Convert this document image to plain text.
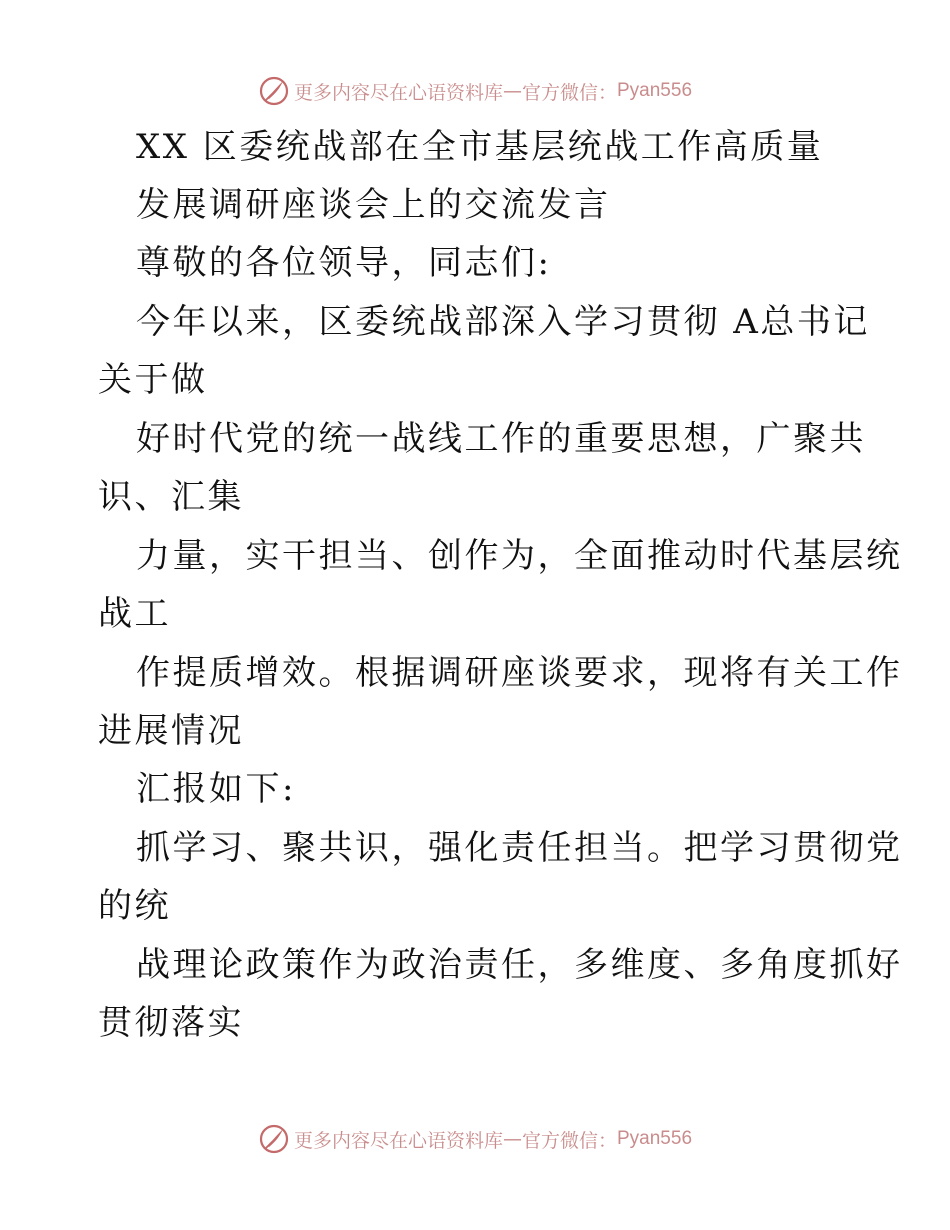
更多内容尽在心语资料库 — 官方微信： Pyan556
XX 区委统战部在全市基层统战工作高质量
发展调研座谈会上的交流发言
尊敬的各位领导，同志们:
今年以来，区委统战部深入学习贯彻 A总书记
关于做
好时代党的统一战线工作的重要思想，广聚共
识、汇集
力量，实干担当、创作为，全面推动时代基层统
战工
作提质增效。根据调研座谈要求，现将有关工作
进展情况
汇报如下:
抓学习、聚共识，强化责任担当。把学习贯彻党
的统
战理论政策作为政治责任，多维度、多角度抓好
贯彻落实
更多内容尽在心语资料库 — 官方微信： Pyan556
